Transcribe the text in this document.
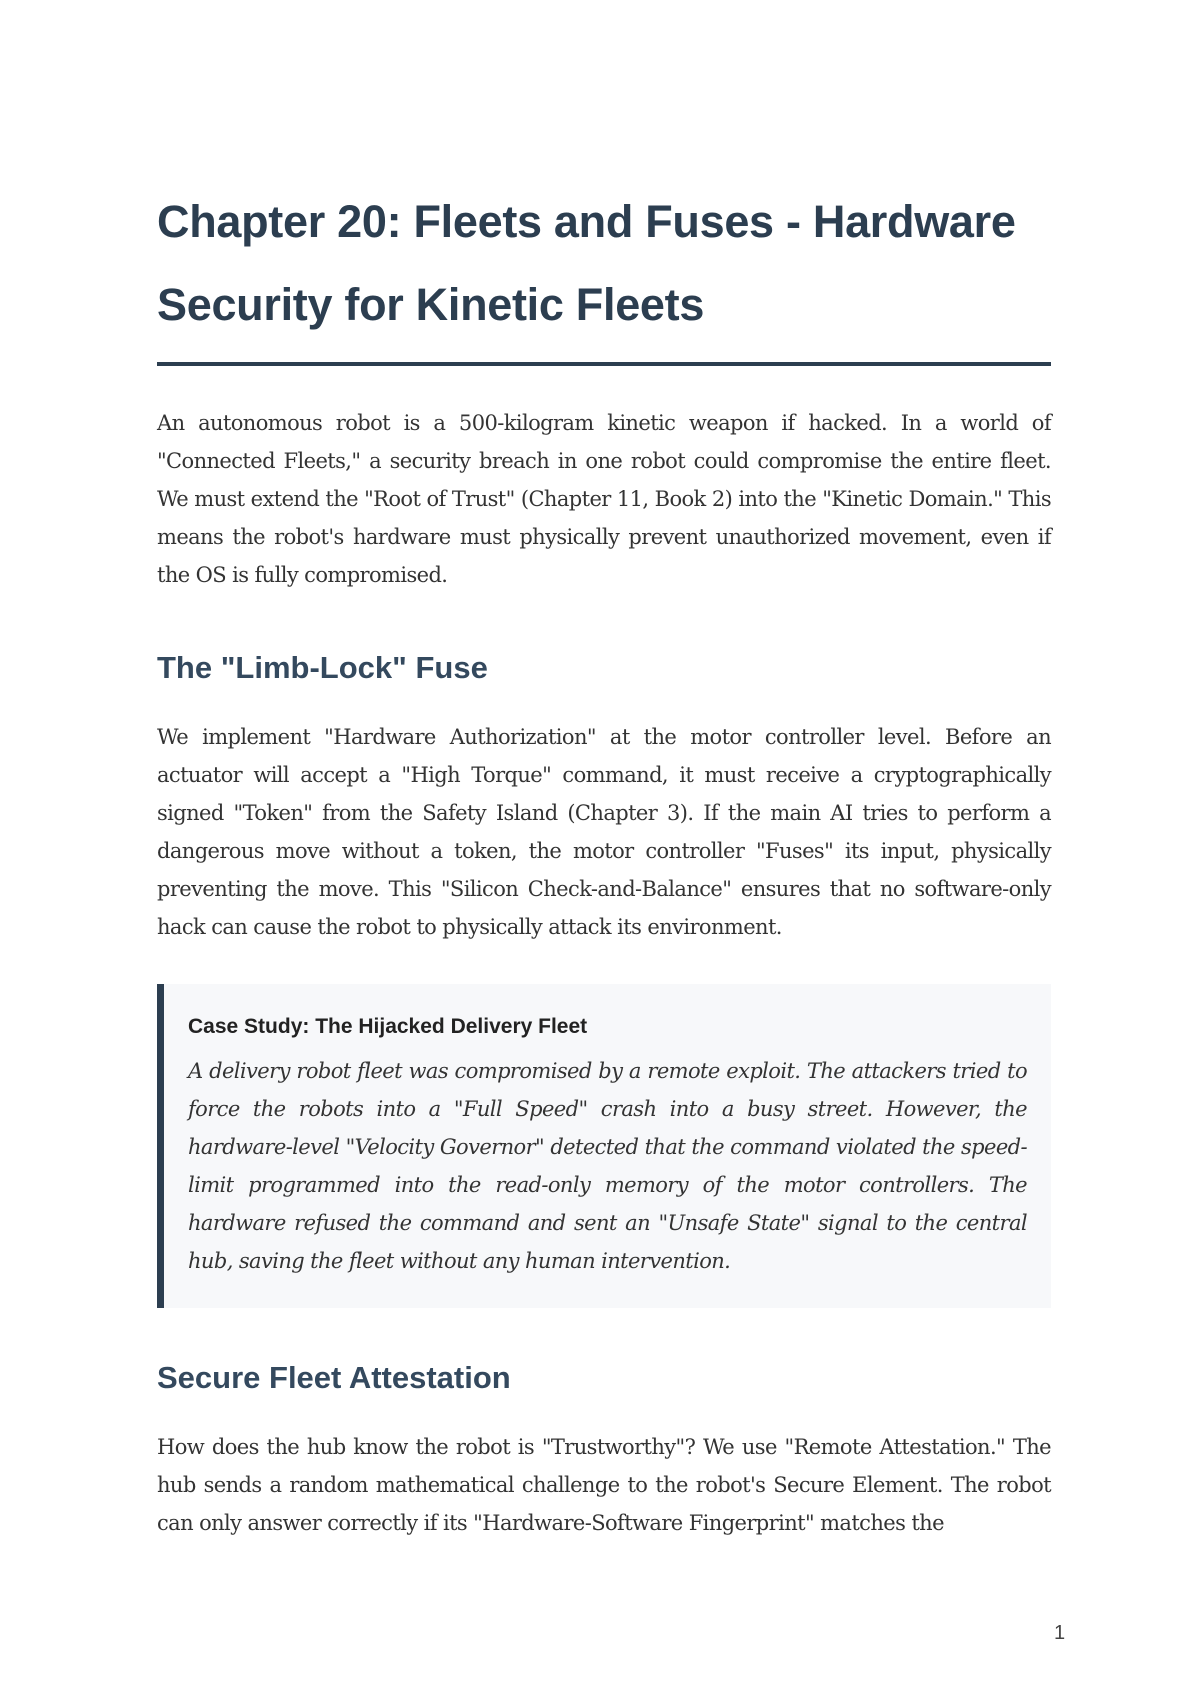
Chapter 20: Fleets and Fuses - Hardware Security for Kinetic Fleets

An autonomous robot is a 500-kilogram kinetic weapon if hacked. In a world of "Connected Fleets," a security breach in one robot could compromise the entire fleet. We must extend the "Root of Trust" (Chapter 11, Book 2) into the "Kinetic Domain." This means the robot's hardware must physically prevent unauthorized movement, even if the OS is fully compromised.

The "Limb-Lock" Fuse

We implement "Hardware Authorization" at the motor controller level. Before an actuator will accept a "High Torque" command, it must receive a cryptographically signed "Token" from the Safety Island (Chapter 3). If the main AI tries to perform a dangerous move without a token, the motor controller "Fuses" its input, physically preventing the move. This "Silicon Check-and-Balance" ensures that no software-only hack can cause the robot to physically attack its environment.

Case Study: The Hijacked Delivery Fleet
A delivery robot fleet was compromised by a remote exploit. The attackers tried to force the robots into a "Full Speed" crash into a busy street. However, the hardware-level "Velocity Governor" detected that the command violated the speed-limit programmed into the read-only memory of the motor controllers. The hardware refused the command and sent an "Unsafe State" signal to the central hub, saving the fleet without any human intervention.
Secure Fleet Attestation

How does the hub know the robot is "Trustworthy"? We use "Remote Attestation." The hub sends a random mathematical challenge to the robot's Secure Element. The robot can only answer correctly if its "Hardware-Software Fingerprint" matches the

1
